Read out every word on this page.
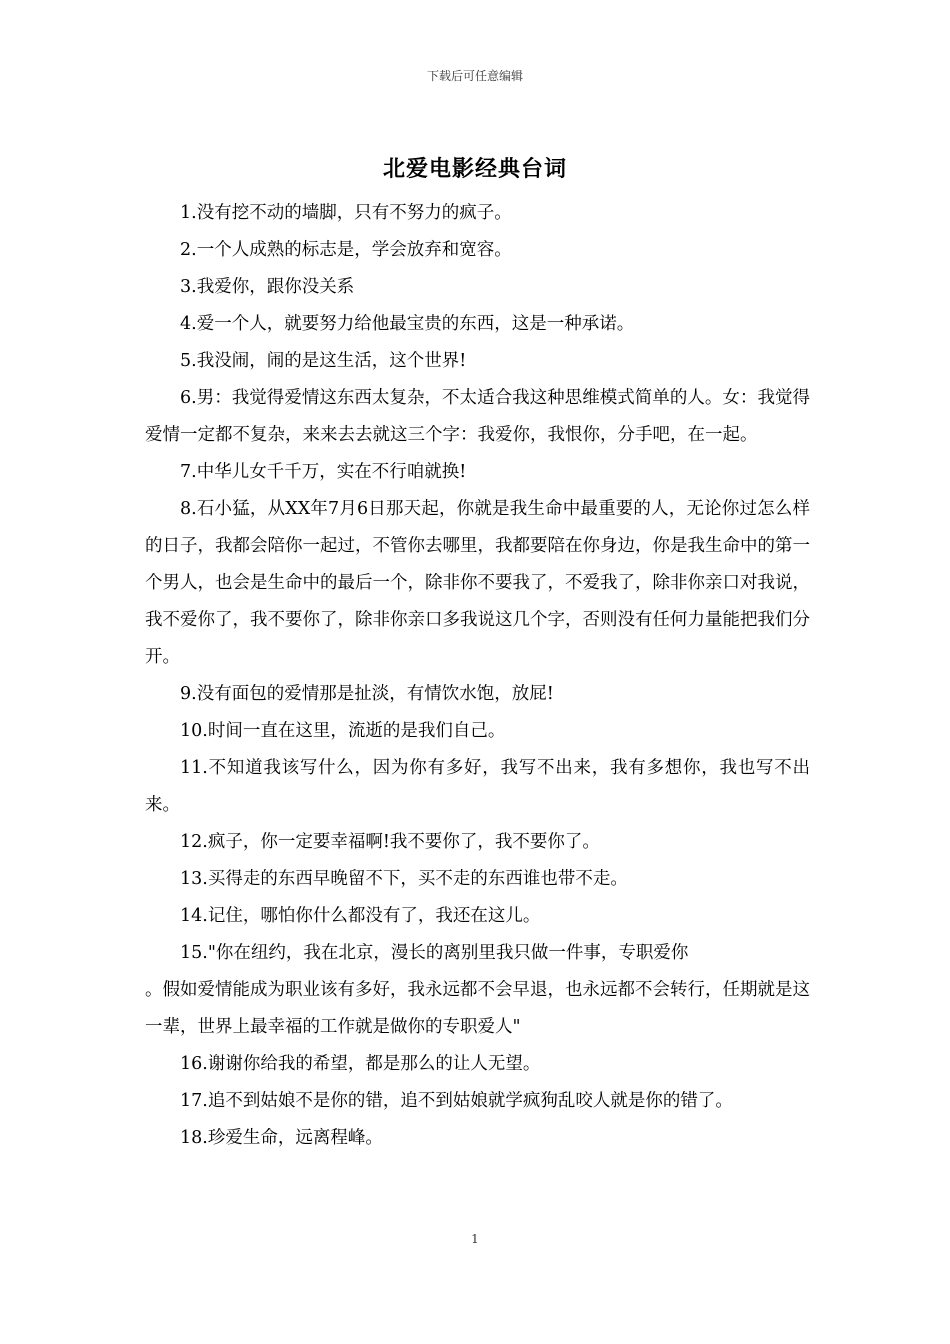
下载后可任意编辑
北爱电影经典台词

1.没有挖不动的墙脚，只有不努力的疯子。

2.一个人成熟的标志是，学会放弃和宽容。

3.我爱你，跟你没关系

4.爱一个人，就要努力给他最宝贵的东西，这是一种承诺。

5.我没闹，闹的是这生活，这个世界!

6.男：我觉得爱情这东西太复杂，不太适合我这种思维模式简单的人。女：我觉得爱情一定都不复杂，来来去去就这三个字：我爱你，我恨你，分手吧，在一起。

7.中华儿女千千万，实在不行咱就换!

8.石小猛，从XX年7月6日那天起，你就是我生命中最重要的人，无论你过怎么样的日子，我都会陪你一起过，不管你去哪里，我都要陪在你身边，你是我生命中的第一个男人，也会是生命中的最后一个，除非你不要我了，不爱我了，除非你亲口对我说，我不爱你了，我不要你了，除非你亲口多我说这几个字，否则没有任何力量能把我们分开。

9.没有面包的爱情那是扯淡，有情饮水饱，放屁!

10.时间一直在这里，流逝的是我们自己。

11.不知道我该写什么，因为你有多好，我写不出来，我有多想你，我也写不出来。

12.疯子，你一定要幸福啊!我不要你了，我不要你了。

13.买得走的东西早晚留不下，买不走的东西谁也带不走。

14.记住，哪怕你什么都没有了，我还在这儿。

15."你在纽约，我在北京，漫长的离别里我只做一件事，专职爱你

。假如爱情能成为职业该有多好，我永远都不会早退，也永远都不会转行，任期就是这一辈，世界上最幸福的工作就是做你的专职爱人"

16.谢谢你给我的希望，都是那么的让人无望。

17.追不到姑娘不是你的错，追不到姑娘就学疯狗乱咬人就是你的错了。

18.珍爱生命，远离程峰。

1
